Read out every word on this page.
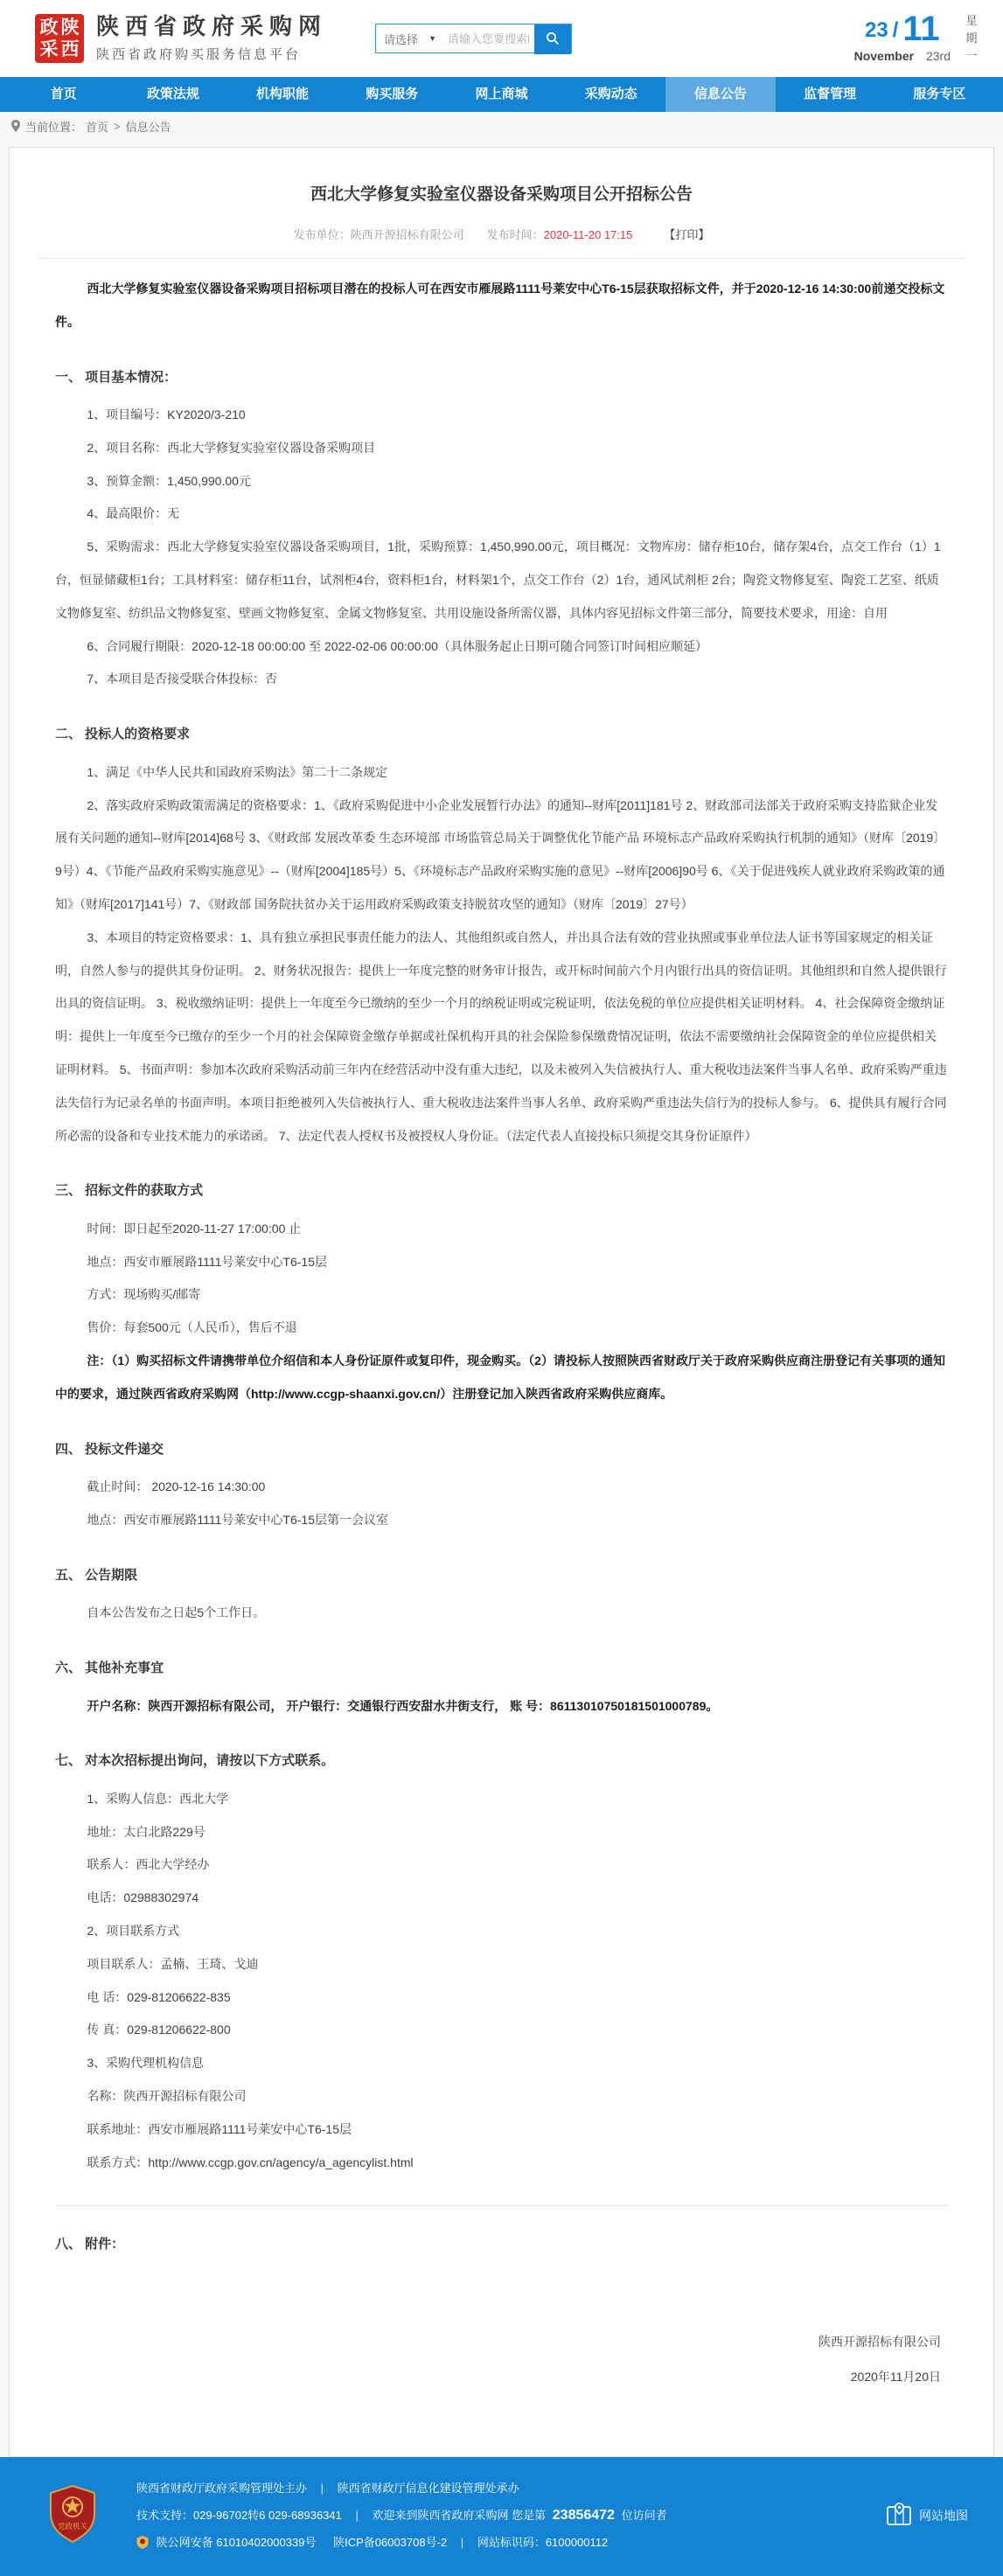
政陕
采西
陕西省政府采购网
陕西省政府购买服务信息平台
请选择 ▼
请输入您要搜索的内容	23 / 11
November 23rd
星期一
首页	政策法规	机构职能	购买服务	网上商城	采购动态	信息公告	监督管理	服务专区
当前位置： 首页 > 信息公告
西北大学修复实验室仪器设备采购项目公开招标公告
发布单位：陕西开源招标有限公司 发布时间：2020-11-20 17:15	【打印】

西北大学修复实验室仪器设备采购项目招标项目潜在的投标人可在西安市雁展路1111号莱安中心T6-15层获取招标文件，并于2020-12-16 14:30:00前递交投标文件。

一、 项目基本情况：

1、项目编号：KY2020/3-210

2、项目名称：西北大学修复实验室仪器设备采购项目

3、预算金额：1,450,990.00元

4、最高限价：无

5、采购需求：西北大学修复实验室仪器设备采购项目，1批，采购预算：1,450,990.00元，项目概况：文物库房：储存柜10台，储存架4台，点交工作台（1）1台，恒显储藏柜1台；工具材料室：储存柜11台，试剂柜4台，资料柜1台，材料架1个，点交工作台（2）1台，通风试剂柜 2台；陶瓷文物修复室、陶瓷工艺室、纸质文物修复室、纺织品文物修复室、壁画文物修复室、金属文物修复室、共用设施设备所需仪器，具体内容见招标文件第三部分，简要技术要求，用途：自用

6、合同履行期限：2020-12-18 00:00:00 至 2022-02-06 00:00:00（具体服务起止日期可随合同签订时间相应顺延）

7、本项目是否接受联合体投标：否

二、 投标人的资格要求

1、满足《中华人民共和国政府采购法》第二十二条规定

2、落实政府采购政策需满足的资格要求：1、《政府采购促进中小企业发展暂行办法》的通知--财库[2011]181号 2、财政部司法部关于政府采购支持监狱企业发展有关问题的通知--财库[2014]68号 3、《财政部 发展改革委 生态环境部 市场监管总局关于调整优化节能产品 环境标志产品政府采购执行机制的通知》（财库〔2019〕9号）4、《节能产品政府采购实施意见》--（财库[2004]185号）5、《环境标志产品政府采购实施的意见》--财库[2006]90号 6、《关于促进残疾人就业政府采购政策的通知》（财库[2017]141号）7、《财政部 国务院扶贫办关于运用政府采购政策支持脱贫攻坚的通知》（财库〔2019〕27号）

3、本项目的特定资格要求：1、具有独立承担民事责任能力的法人、其他组织或自然人，并出具合法有效的营业执照或事业单位法人证书等国家规定的相关证明，自然人参与的提供其身份证明。 2、财务状况报告：提供上一年度完整的财务审计报告，或开标时间前六个月内银行出具的资信证明。其他组织和自然人提供银行出具的资信证明。 3、税收缴纳证明：提供上一年度至今已缴纳的至少一个月的纳税证明或完税证明，依法免税的单位应提供相关证明材料。 4、社会保障资金缴纳证明：提供上一年度至今已缴存的至少一个月的社会保障资金缴存单据或社保机构开具的社会保险参保缴费情况证明，依法不需要缴纳社会保障资金的单位应提供相关证明材料。 5、书面声明：参加本次政府采购活动前三年内在经营活动中没有重大违纪，以及未被列入失信被执行人、重大税收违法案件当事人名单、政府采购严重违法失信行为记录名单的书面声明。本项目拒绝被列入失信被执行人、重大税收违法案件当事人名单、政府采购严重违法失信行为的投标人参与。 6、提供具有履行合同所必需的设备和专业技术能力的承诺函。 7、法定代表人授权书及被授权人身份证。（法定代表人直接投标只须提交其身份证原件）

三、 招标文件的获取方式

时间：即日起至2020-11-27 17:00:00 止

地点：西安市雁展路1111号莱安中心T6-15层

方式：现场购买/邮寄

售价：每套500元（人民币），售后不退

注：（1）购买招标文件请携带单位介绍信和本人身份证原件或复印件，现金购买。（2）请投标人按照陕西省财政厅关于政府采购供应商注册登记有关事项的通知中的要求，通过陕西省政府采购网（http://www.ccgp-shaanxi.gov.cn/）注册登记加入陕西省政府采购供应商库。

四、 投标文件递交

截止时间： 2020-12-16 14:30:00

地点：西安市雁展路1111号莱安中心T6-15层第一会议室

五、 公告期限

自本公告发布之日起5个工作日。

六、 其他补充事宜

开户名称：陕西开源招标有限公司， 开户银行：交通银行西安甜水井街支行， 账 号：86113010750181501000789。

七、 对本次招标提出询问，请按以下方式联系。

1、采购人信息：西北大学

地址：太白北路229号

联系人：西北大学经办

电话：02988302974

2、项目联系方式

项目联系人：孟楠、王琦、戈迪

电 话：029-81206622-835

传 真：029-81206622-800

3、采购代理机构信息

名称：陕西开源招标有限公司

联系地址：西安市雁展路1111号莱安中心T6-15层

联系方式：http://www.ccgp.gov.cn/agency/a_agencylist.html

八、 附件：
陕西开源招标有限公司
2020年11月20日
党政机关
陕西省财政厅政府采购管理处主办 | 陕西省财政厅信息化建设管理处承办
技术支持：029-96702转6 029-68936341 | 欢迎来到陕西省政府采购网 您是第 23856472 位访问者
陕公网安备 61010402000339号 陕ICP备06003708号-2 | 网站标识码：6100000112
网站地图
